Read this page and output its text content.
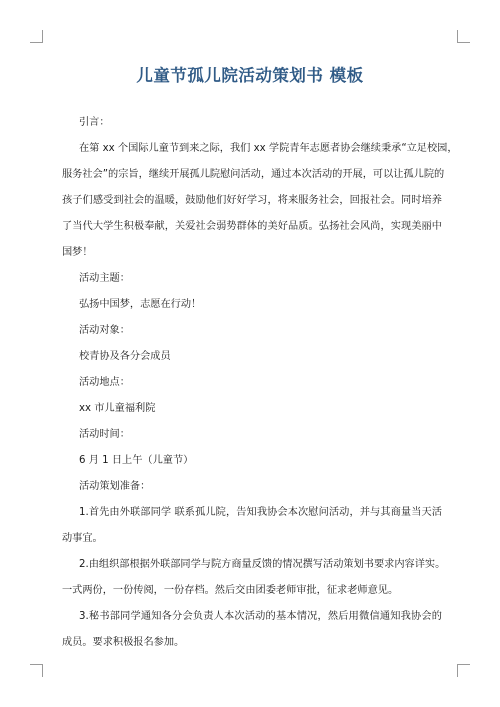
儿童节孤儿院活动策划书 模板
引言：
在第 xx 个国际儿童节到来之际，我们 xx 学院青年志愿者协会继续秉承“立足校园，
服务社会”的宗旨，继续开展孤儿院慰问活动，通过本次活动的开展，可以让孤儿院的
孩子们感受到社会的温暖，鼓励他们好好学习，将来服务社会，回报社会。同时培养
了当代大学生积极奉献，关爱社会弱势群体的美好品质。弘扬社会风尚，实现美丽中
国梦！
活动主题：
弘扬中国梦，志愿在行动！
活动对象：
校青协及各分会成员
活动地点：
xx 市儿童福利院
活动时间：
6 月 1 日上午（儿童节）
活动策划准备：
1.首先由外联部同学 联系孤儿院，告知我协会本次慰问活动，并与其商量当天活
动事宜。
2.由组织部根据外联部同学与院方商量反馈的情况撰写活动策划书要求内容详实。
一式两份，一份传阅，一份存档。然后交由团委老师审批，征求老师意见。
3.秘书部同学通知各分会负责人本次活动的基本情况，然后用微信通知我协会的
成员。要求积极报名参加。
